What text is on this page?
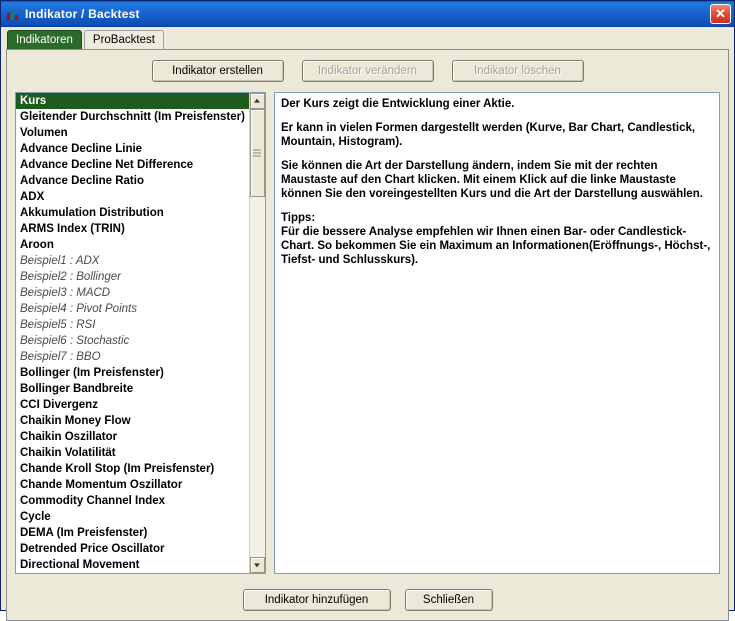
Indikator / Backtest	✕
Indikatoren	ProBacktest
Indikator erstellen	Indikator verändern	Indikator löschen
Kurs
Gleitender Durchschnitt (Im Preisfenster)
Volumen
Advance Decline Linie
Advance Decline Net Difference
Advance Decline Ratio
ADX
Akkumulation Distribution
ARMS Index (TRIN)
Aroon
Beispiel1 : ADX
Beispiel2 : Bollinger
Beispiel3 : MACD
Beispiel4 : Pivot Points
Beispiel5 : RSI
Beispiel6 : Stochastic
Beispiel7 : BBO
Bollinger (Im Preisfenster)
Bollinger Bandbreite
CCI Divergenz
Chaikin Money Flow
Chaikin Oszillator
Chaikin Volatilität
Chande Kroll Stop (Im Preisfenster)
Chande Momentum Oszillator
Commodity Channel Index
Cycle
DEMA (Im Preisfenster)
Detrended Price Oscillator
Directional Movement

Der Kurs zeigt die Entwicklung einer Aktie.

Er kann in vielen Formen dargestellt werden (Kurve, Bar Chart, Candlestick, Mountain, Histogram).

Sie können die Art der Darstellung ändern, indem Sie mit der rechten Maustaste auf den Chart klicken. Mit einem Klick auf die linke Maustaste können Sie den voreingestellten Kurs und die Art der Darstellung auswählen.

Tipps:

Für die bessere Analyse empfehlen wir Ihnen einen Bar- oder Candlestick-Chart. So bekommen Sie ein Maximum an Informationen(Eröffnungs-, Höchst-, Tiefst- und Schlusskurs).

Indikator hinzufügen	Schließen
